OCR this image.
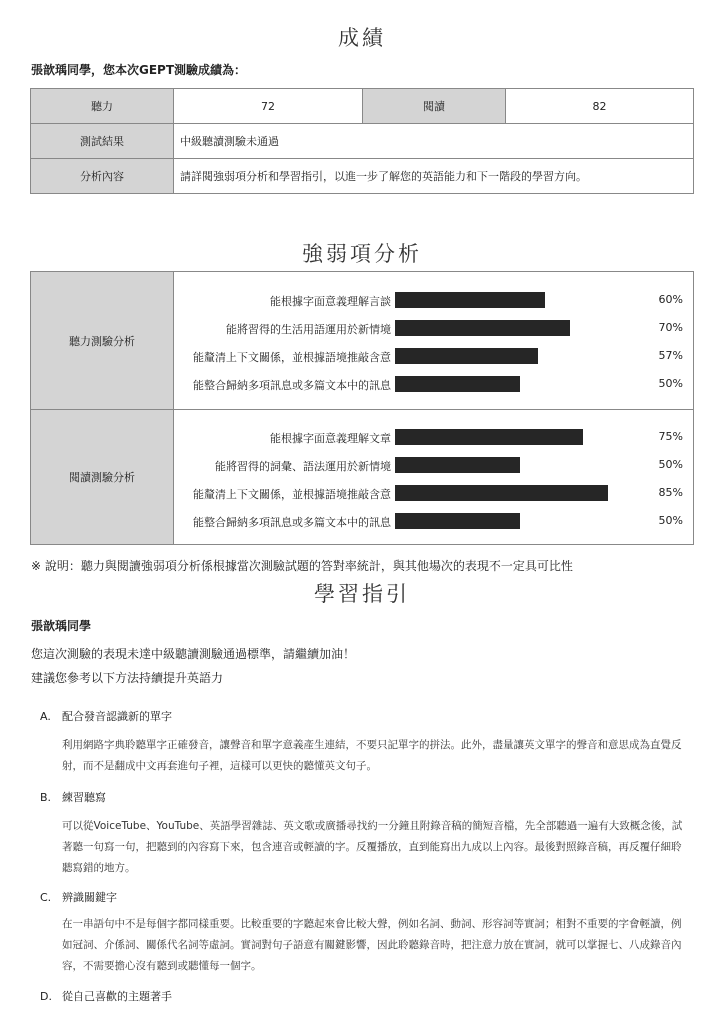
成績
張歆瑀同學，您本次GEPT測驗成績為：
聽力	72	閱讀	82
測試結果	中級聽讀測驗未通過		
分析內容	請詳閱強弱項分析和學習指引，以進一步了解您的英語能力和下一階段的學習方向。		
強弱項分析
聽力測驗分析
能根據字面意義理解言談	60%
能將習得的生活用語運用於新情境	70%
能釐清上下文關係，並根據語境推敲含意	57%
能整合歸納多項訊息或多篇文本中的訊息	50%
閱讀測驗分析
能根據字面意義理解文章	75%
能將習得的詞彙、語法運用於新情境	50%
能釐清上下文關係，並根據語境推敲含意	85%
能整合歸納多項訊息或多篇文本中的訊息	50%
※ 說明：聽力與閱讀強弱項分析係根據當次測驗試題的答對率統計，與其他場次的表現不一定具可比性
學習指引
張歆瑀同學
您這次測驗的表現未達中級聽讀測驗通過標準，請繼續加油！
建議您參考以下方法持續提升英語力
A. 配合發音認識新的單字
利用網路字典聆聽單字正確發音，讓聲音和單字意義產生連結，不要只記單字的拼法。此外，盡量讓英文單字的聲音和意思成為直覺反射，而不是翻成中文再套進句子裡，這樣可以更快的聽懂英文句子。
B. 練習聽寫
可以從VoiceTube、YouTube、英語學習雜誌、英文歌或廣播尋找約一分鐘且附錄音稿的簡短音檔，先全部聽過一遍有大致概念後，試著聽一句寫一句，把聽到的內容寫下來，包含連音或輕讀的字。反覆播放，直到能寫出九成以上內容。最後對照錄音稿，再反覆仔細聆聽寫錯的地方。
C. 辨識關鍵字
在一串語句中不是每個字都同樣重要。比較重要的字聽起來會比較大聲，例如名詞、動詞、形容詞等實詞；相對不重要的字會輕讀，例如冠詞、介係詞、關係代名詞等虛詞。實詞對句子語意有關鍵影響，因此聆聽錄音時，把注意力放在實詞，就可以掌握七、八成錄音內容，不需要擔心沒有聽到或聽懂每一個字。
D. 從自己喜歡的主題著手
